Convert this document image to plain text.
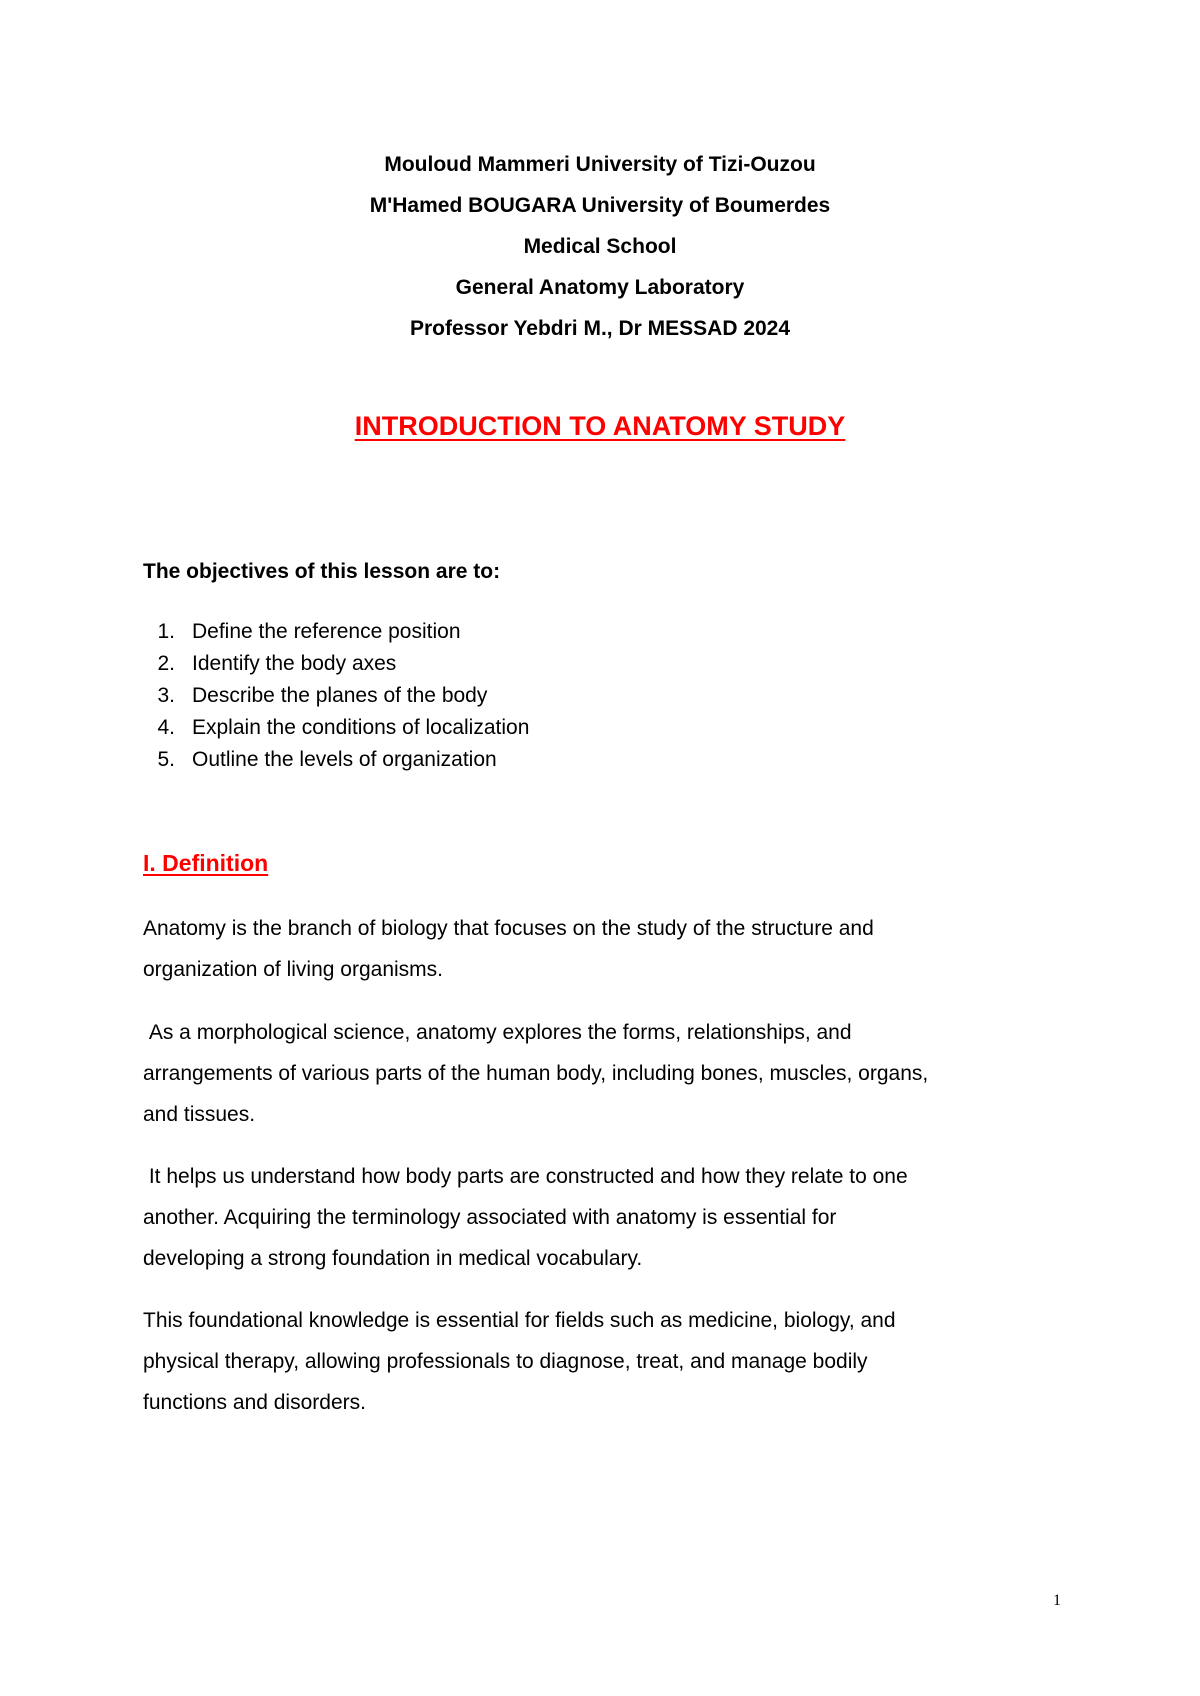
Mouloud Mammeri University of Tizi-Ouzou

M'Hamed BOUGARA University of Boumerdes

Medical School

General Anatomy Laboratory

Professor Yebdri M., Dr MESSAD 2024

INTRODUCTION TO ANATOMY STUDY

The objectives of this lesson are to:

1. Define the reference position
2. Identify the body axes
3. Describe the planes of the body
4. Explain the conditions of localization
5. Outline the levels of organization
I. Definition

Anatomy is the branch of biology that focuses on the study of the structure and
organization of living organisms.

As a morphological science, anatomy explores the forms, relationships, and
arrangements of various parts of the human body, including bones, muscles, organs,
and tissues.

It helps us understand how body parts are constructed and how they relate to one
another. Acquiring the terminology associated with anatomy is essential for
developing a strong foundation in medical vocabulary.

This foundational knowledge is essential for fields such as medicine, biology, and
physical therapy, allowing professionals to diagnose, treat, and manage bodily
functions and disorders.

1
